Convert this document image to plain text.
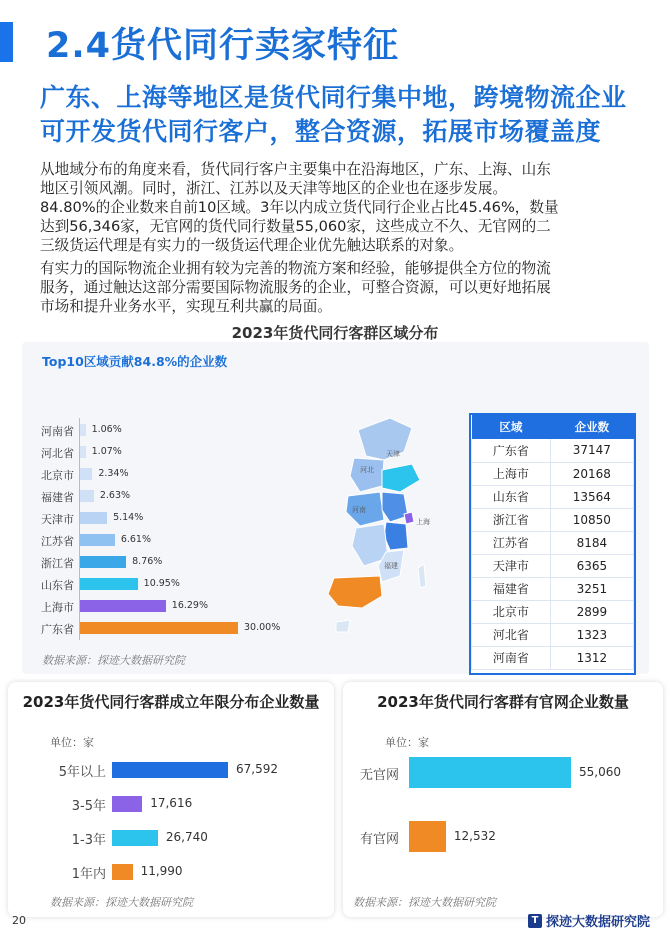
2.4货代同行卖家特征
广东、上海等地区是货代同行集中地，跨境物流企业
可开发货代同行客户，整合资源，拓展市场覆盖度

从地域分布的角度来看，货代同行客户主要集中在沿海地区，广东、上海、山东

地区引领风潮。同时，浙江、江苏以及天津等地区的企业也在逐步发展。

84.80%的企业数来自前10区域。3年以内成立货代同行企业占比45.46%，数量

达到56,346家，无官网的货代同行数量55,060家，这些成立不久、无官网的二

三级货运代理是有实力的一级货运代理企业优先触达联系的对象。

有实力的国际物流企业拥有较为完善的物流方案和经验，能够提供全方位的物流

服务，通过触达这部分需要国际物流服务的企业，可整合资源，可以更好地拓展

市场和提升业务水平，实现互利共赢的局面。

2023年货代同行客群区域分布
Top10区域贡献84.8%的企业数
河南省 1.06%
河北省 1.07%
北京市	2.34%
福建省	2.63%
天津市	5.14%
江苏省	6.61%
浙江省	8.76%
山东省	10.95%
上海市	16.29%
广东省	30.00%
河北
天津
河南
上海
福建
区域	企业数
广东省	37147
上海市	20168
山东省	13564
浙江省	10850
江苏省	8184
天津市	6365
福建省	3251
北京市	2899
河北省	1323
河南省	1312
数据来源：探迹大数据研究院
2023年货代同行客群成立年限分布企业数量
单位：家
5年以上	67,592
3-5年	17,616
1-3年	26,740
1年内	11,990
数据来源：探迹大数据研究院
2023年货代同行客群有官网企业数量
单位：家
无官网	55,060
有官网	12,532
数据来源：探迹大数据研究院
20	T 探迹大数据研究院
